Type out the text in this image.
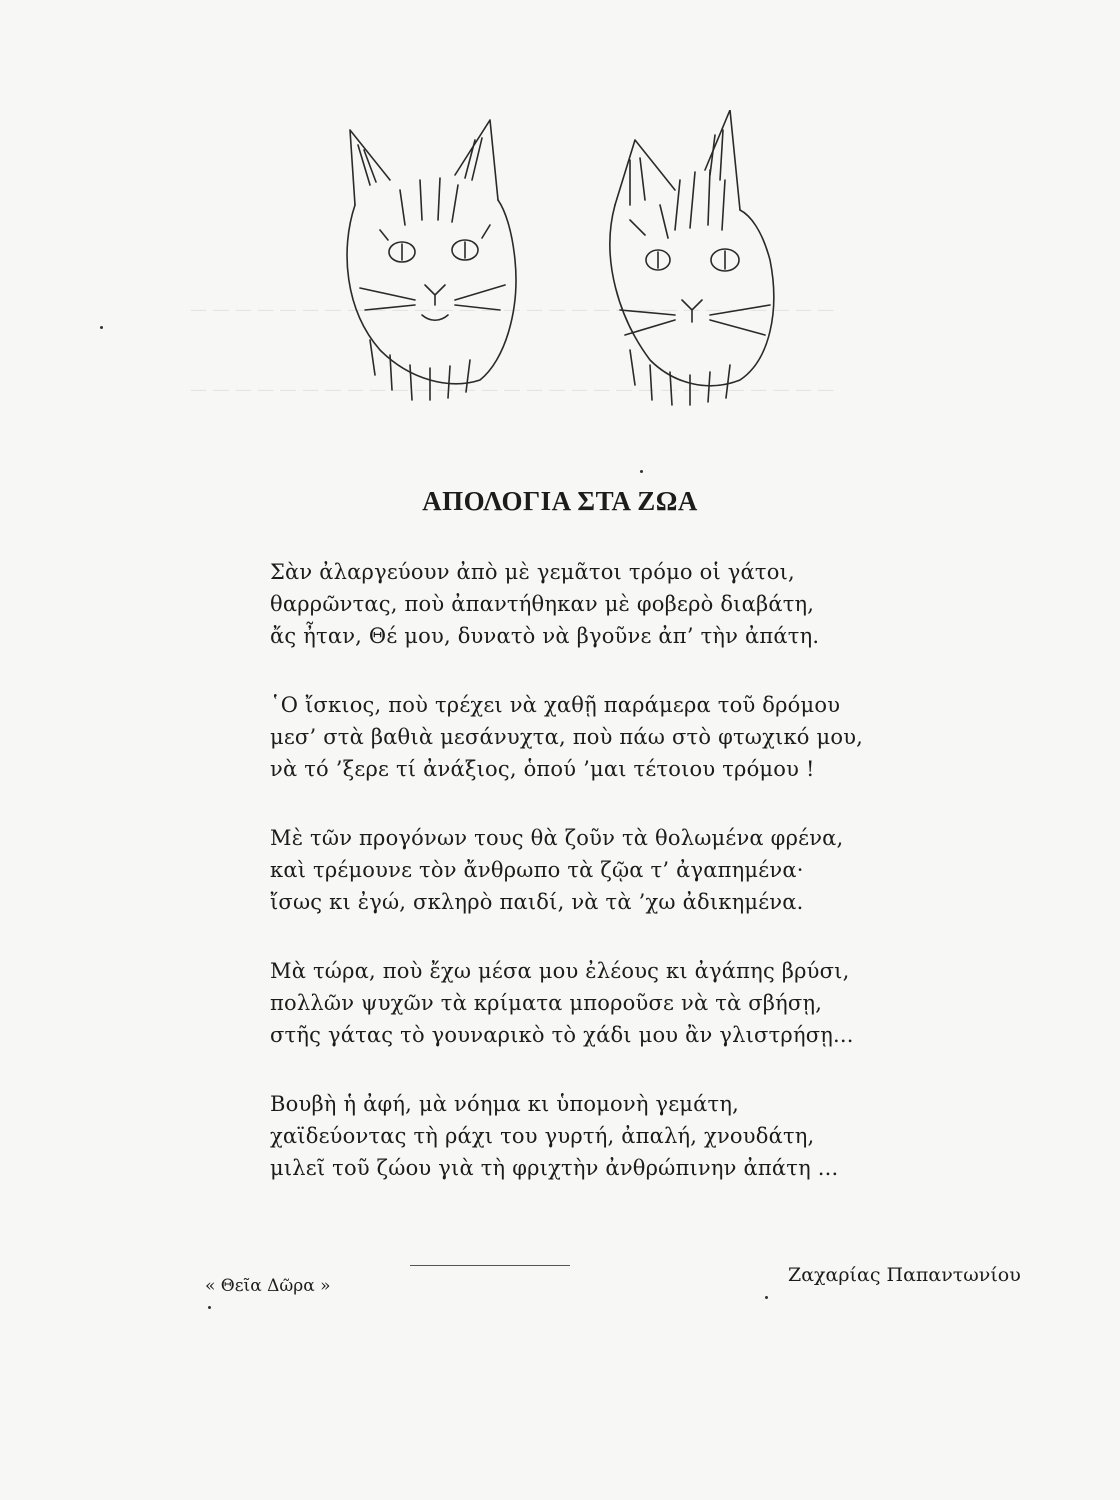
— — — — — — — — — — — — — — — — — — — — — — — — — — — — —
— — — — — — — — — — — — — — — — — — — — — — — — — — — — —
ΑΠΟΛΟΓΙΑ ΣΤΑ ΖΩΑ
Σὰν ἀλαργεύουν ἀπὸ μὲ γεμᾶτοι τρόμο οἱ γάτοι,
θαρρῶντας, ποὺ ἀπαντήθηκαν μὲ φοβερὸ διαβάτη,
ἄς ἦταν, Θέ μου, δυνατὸ νὰ βγοῦνε ἀπ’ τὴν ἀπάτη.
῾Ο ἴσκιος, ποὺ τρέχει νὰ χαθῇ παράμερα τοῦ δρόμου
μεσ’ στὰ βαθιὰ μεσάνυχτα, ποὺ πάω στὸ φτωχικό μου,
νὰ τό ’ξερε τί ἀνάξιος, ὁπού ’μαι τέτοιου τρόμου !
Μὲ τῶν προγόνων τους θὰ ζοῦν τὰ θολωμένα φρένα,
καὶ τρέμουνε τὸν ἄνθρωπο τὰ ζῷα τ’ ἀγαπημένα·
ἴσως κι ἐγώ, σκληρὸ παιδί, νὰ τὰ ’χω ἀδικημένα.
Μὰ τώρα, ποὺ ἔχω μέσα μου ἐλέους κι ἀγάπης βρύσι,
πολλῶν ψυχῶν τὰ κρίματα μποροῦσε νὰ τὰ σβήσῃ,
στῆς γάτας τὸ γουναρικὸ τὸ χάδι μου ἂν γλιστρήσῃ...
Βουβὴ ἡ ἀφή, μὰ νόημα κι ὑπομονὴ γεμάτη,
χαϊδεύοντας τὴ ράχι του γυρτή, ἀπαλή, χνουδάτη,
μιλεῖ τοῦ ζώου γιὰ τὴ φριχτὴν ἀνθρώπινην ἀπάτη ...
« Θεῖα Δῶρα »	Ζαχαρίας Παπαντωνίου
